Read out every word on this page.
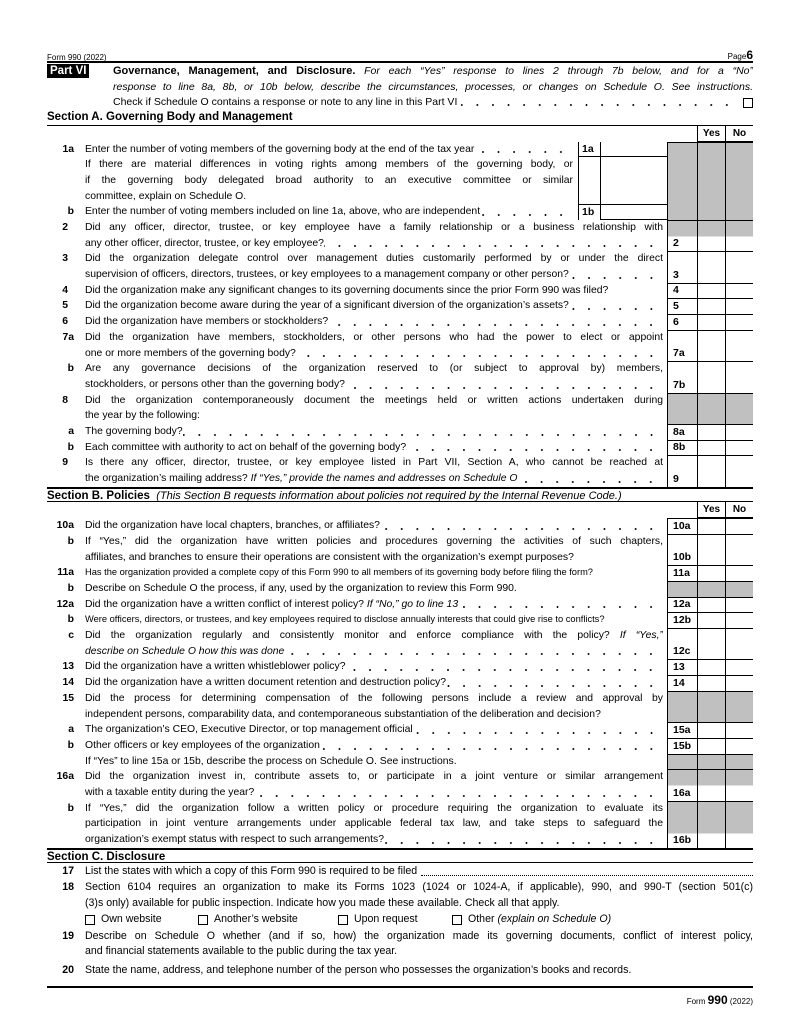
Form 990 (2022)	Page6
Part VI Governance, Management, and Disclosure. For each “Yes” response to lines 2 through 7b below, and for a “No”
response to line 8a, 8b, or 10b below, describe the circumstances, processes, or changes on Schedule O. See instructions.
Check if Schedule O contains a response or note to any line in this Part VI
Section A. Governing Body and Management
Yes	No
1a Enter the number of voting members of the governing body at the end of the tax year	1a
If there are material differences in voting rights among members of the governing body, or
if the governing body delegated broad authority to an executive committee or similar
committee, explain on Schedule O.
b Enter the number of voting members included on line 1a, above, who are independent	1b
2 Did any officer, director, trustee, or key employee have a family relationship or a business relationship with
any other officer, director, trustee, or key employee?	2
3 Did the organization delegate control over management duties customarily performed by or under the direct
supervision of officers, directors, trustees, or key employees to a management company or other person?	3
4 Did the organization make any significant changes to its governing documents since the prior Form 990 was filed?	4
5 Did the organization become aware during the year of a significant diversion of the organization’s assets?	5
6 Did the organization have members or stockholders?	6
7a Did the organization have members, stockholders, or other persons who had the power to elect or appoint
one or more members of the governing body?	7a
b Are any governance decisions of the organization reserved to (or subject to approval by) members,
stockholders, or persons other than the governing body?	7b
8 Did the organization contemporaneously document the meetings held or written actions undertaken during
the year by the following:
a The governing body?	8a
b Each committee with authority to act on behalf of the governing body?	8b
9 Is there any officer, director, trustee, or key employee listed in Part VII, Section A, who cannot be reached at
the organization’s mailing address? If “Yes,” provide the names and addresses on Schedule O	9
Section B. Policies (This Section B requests information about policies not required by the Internal Revenue Code.)
Yes	No
10a Did the organization have local chapters, branches, or affiliates?	10a
b If “Yes,” did the organization have written policies and procedures governing the activities of such chapters,
affiliates, and branches to ensure their operations are consistent with the organization’s exempt purposes?	10b
11a Has the organization provided a complete copy of this Form 990 to all members of its governing body before filing the form?	11a
b Describe on Schedule O the process, if any, used by the organization to review this Form 990.
12a Did the organization have a written conflict of interest policy? If “No,” go to line 13	12a
b Were officers, directors, or trustees, and key employees required to disclose annually interests that could give rise to conflicts?	12b
c Did the organization regularly and consistently monitor and enforce compliance with the policy? If “Yes,”
describe on Schedule O how this was done	12c
13 Did the organization have a written whistleblower policy?	13
14 Did the organization have a written document retention and destruction policy?	14
15 Did the process for determining compensation of the following persons include a review and approval by
independent persons, comparability data, and contemporaneous substantiation of the deliberation and decision?
a The organization’s CEO, Executive Director, or top management official	15a
b Other officers or key employees of the organization	15b
If “Yes” to line 15a or 15b, describe the process on Schedule O. See instructions.
16a Did the organization invest in, contribute assets to, or participate in a joint venture or similar arrangement
with a taxable entity during the year?	16a
b If “Yes,” did the organization follow a written policy or procedure requiring the organization to evaluate its
participation in joint venture arrangements under applicable federal tax law, and take steps to safeguard the
organization’s exempt status with respect to such arrangements?	16b
Section C. Disclosure
17 List the states with which a copy of this Form 990 is required to be filed
18 Section 6104 requires an organization to make its Forms 1023 (1024 or 1024-A, if applicable), 990, and 990-T (section 501(c)
(3)s only) available for public inspection. Indicate how you made these available. Check all that apply.
Own website	Another’s website	Upon request	Other (explain on Schedule O)
19 Describe on Schedule O whether (and if so, how) the organization made its governing documents, conflict of interest policy,
and financial statements available to the public during the tax year.
20 State the name, address, and telephone number of the person who possesses the organization’s books and records.
Form 990 (2022)
